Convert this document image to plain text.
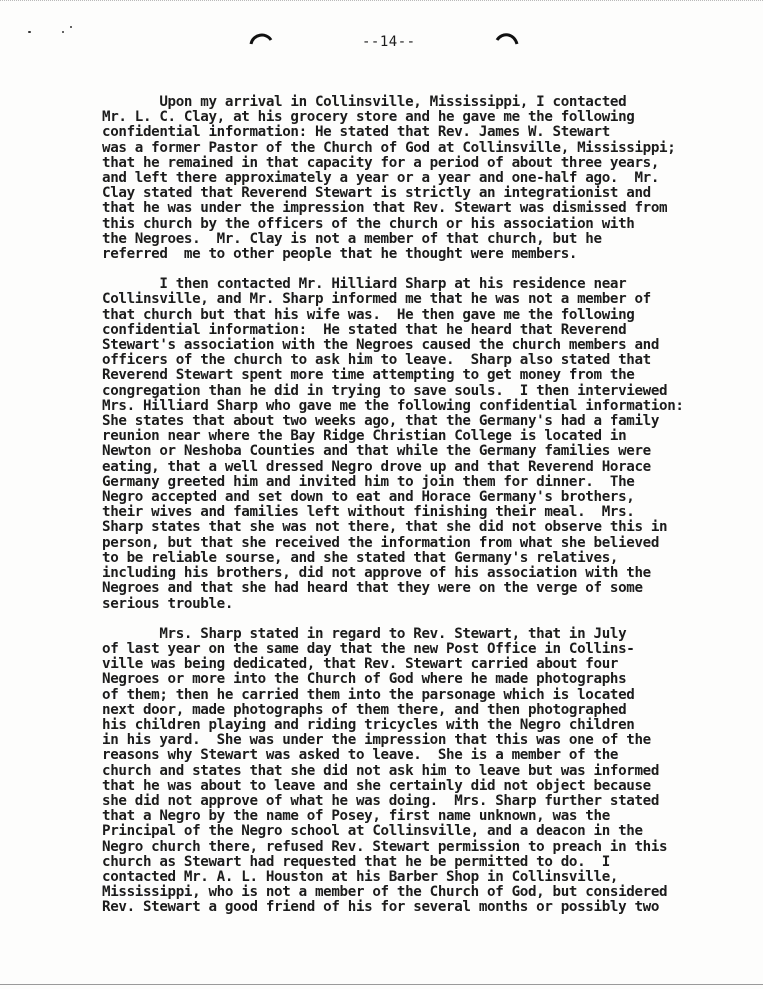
--14--
Upon my arrival in Collinsville, Mississippi, I contacted
Mr. L. C. Clay, at his grocery store and he gave me the following
confidential information: He stated that Rev. James W. Stewart
was a former Pastor of the Church of God at Collinsville, Mississippi;
that he remained in that capacity for a period of about three years,
and left there approximately a year or a year and one-half ago.  Mr.
Clay stated that Reverend Stewart is strictly an integrationist and
that he was under the impression that Rev. Stewart was dismissed from
this church by the officers of the church or his association with
the Negroes.  Mr. Clay is not a member of that church, but he
referred  me to other people that he thought were members.
I then contacted Mr. Hilliard Sharp at his residence near
Collinsville, and Mr. Sharp informed me that he was not a member of
that church but that his wife was.  He then gave me the following
confidential information:  He stated that he heard that Reverend
Stewart's association with the Negroes caused the church members and
officers of the church to ask him to leave.  Sharp also stated that
Reverend Stewart spent more time attempting to get money from the
congregation than he did in trying to save souls.  I then interviewed
Mrs. Hilliard Sharp who gave me the following confidential information:
She states that about two weeks ago, that the Germany's had a family
reunion near where the Bay Ridge Christian College is located in
Newton or Neshoba Counties and that while the Germany families were
eating, that a well dressed Negro drove up and that Reverend Horace
Germany greeted him and invited him to join them for dinner.  The
Negro accepted and set down to eat and Horace Germany's brothers,
their wives and families left without finishing their meal.  Mrs.
Sharp states that she was not there, that she did not observe this in
person, but that she received the information from what she believed
to be reliable sourse, and she stated that Germany's relatives,
including his brothers, did not approve of his association with the
Negroes and that she had heard that they were on the verge of some
serious trouble.
Mrs. Sharp stated in regard to Rev. Stewart, that in July
of last year on the same day that the new Post Office in Collins-
ville was being dedicated, that Rev. Stewart carried about four
Negroes or more into the Church of God where he made photographs
of them; then he carried them into the parsonage which is located
next door, made photographs of them there, and then photographed
his children playing and riding tricycles with the Negro children
in his yard.  She was under the impression that this was one of the
reasons why Stewart was asked to leave.  She is a member of the
church and states that she did not ask him to leave but was informed
that he was about to leave and she certainly did not object because
she did not approve of what he was doing.  Mrs. Sharp further stated
that a Negro by the name of Posey, first name unknown, was the
Principal of the Negro school at Collinsville, and a deacon in the
Negro church there, refused Rev. Stewart permission to preach in this
church as Stewart had requested that he be permitted to do.  I
contacted Mr. A. L. Houston at his Barber Shop in Collinsville,
Mississippi, who is not a member of the Church of God, but considered
Rev. Stewart a good friend of his for several months or possibly two
